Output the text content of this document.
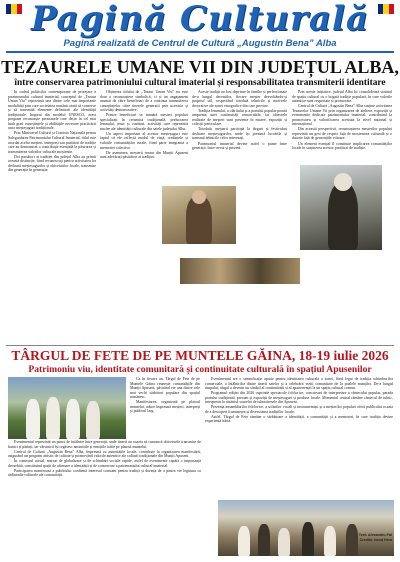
Pagină Culturală
Pagină realizată de Centrul de Cultură „Augustin Bena” Alba
TEZAURELE UMANE VII DIN JUDEȚUL ALBA,
între conservarea patrimoniului cultural imaterial și responsabilitatea transmiterii identitare

În cadrul politicilor contemporane de protejare a patrimoniului cultural imaterial, conceptul de „Tezaur Uman Viu” reprezintă una dintre cele mai importante modalități prin care societatea română caută să conserve și să transmită elemente definitorii ale identității tradiționale. Inspirat din modelul UNESCO, acest program recunoaște persoanele care dețin în cel mai înalt grad cunoștințele și abilitățile necesare practicării unor meșteșuguri tradiționale.

Prin Ministerul Culturii și Comisia Națională pentru Salvgardarea Patrimoniului Cultural Imaterial, titlul este acordat acelor meșteri, interpreți sau purtători de tradiție care au demonstrat o contribuție esențială la păstrarea și transmiterea valorilor culturale moștenite.

Doi purtători ai tradiției din județul Alba au primit această distincție, fiind recunoscuți pentru activitatea lor dedicată meșteșugurilor și obiceiurilor locale, transmise din generație în generație.

Obținerea titlului de „Tezaur Uman Viu” nu este doar o recunoaștere simbolică, ci și un angajament asumat de către beneficiari de a continua transmiterea cunoștințelor către tinerele generații prin ucenicie și activități demonstrative.

Printre beneficiari se numără meșteri populari specializați în ceramică tradițională, prelucrarea lemnului, țesut și cusături, activități care reprezintă nuclee ale identității culturale din satele județului Alba.

Un aspect important al acestor meșteșuguri este faptul că ele reflectă modul de viață, credințele și valorile comunităților rurale, fiind parte integrantă a memoriei colective.

De asemenea, meșterii tezaur din Munții Apuseni sunt adevărați păstrători ai tradiției.

Aceste tradiții au fost deprinse în familie și perfecționate de-a lungul deceniilor, fiecare meșter dezvoltându-și propriul stil, respectând totodată tehnicile și motivele decorative ale zonei etnografice din care provine.

Tradiția lemnului, a olăritului și a portului popular poartă amprenta unei continuități remarcabile, iar obiectele realizate de meșteri sunt prezente în muzee, expoziții și colecții particulare.

Totodată, meșterii participă la târguri și festivaluri dedicate meșteșugurilor, unde își prezintă lucrările și transmit tehnicile celor interesați.

Patrimoniul imaterial devine astfel o punte între generații, între trecut și prezent.

Prin aceste inițiative, județul Alba își consolidează statutul de spațiu cultural cu o bogată tradiție populară, în care valorile autentice sunt respectate și promovate.

Centrul de Cultură „Augustin Bena” Alba susține activitatea Tezaurelor Umane Vii prin organizarea de ateliere, expoziții și evenimente dedicate patrimoniului imaterial, contribuind la promovarea și valorificarea acestuia la nivel național și internațional.

Din această perspectivă, recunoașterea meșterilor populari reprezintă un gest de respect față de moștenirea culturală și o datorie față de generațiile viitoare.

Un element esențial îl constituie implicarea comunităților locale în susținerea acestor purtători de tradiție.

TÂRGUL DE FETE DE PE MUNTELE GĂINA, 18-19 iulie 2026
Patrimoniu viu, identitate comunitară și continuitate culturală în spațiul Apusenilor

Ca în fiecare an, Târgul de Fete de pe Muntele Găina reunește comunitățile din Munții Apuseni, păstrând vie una dintre cele mai vechi sărbători populare din spațiul românesc.

Manifestarea, organizată pe platoul muntelui, aduce împreună meșteri, interpreți și publicul larg.

Evenimentul are o semnificație aparte pentru identitatea culturală a zonei, fiind legat de tradiția schimburilor comerciale, a întâlnirilor dintre tinerii satelor și a celebrării vieții comunitare de la poalele munților. De-a lungul timpului, târgul a devenit un simbol al continuității și al apartenenței la un spațiu cultural comun.

Programul ediției din 2026 cuprinde spectacole folclorice, concursuri de interpretare a cântecului popular, parada portului tradițional, precum și expoziții de meșteșuguri și produse locale. Momentul central rămâne cântecul de tulnic, interpretat la răsăritul soarelui de tulnicăresele din Apuseni.

Prezența ansamblurilor folclorice, a solistilor vocali și instrumentiști și a meșterilor populari oferă publicului ocazia de a descoperi frumusețea și diversitatea tradițiilor locale.

Astfel, Târgul de Fete rămâne o sărbătoare a identității, a comunității și a memoriei, în care tradiția devine experiență trăită.

Evenimentul reprezintă un punct de întâlnire între generații, unde tinerii au ocazia să cunoască obiceiurile transmise de bunici și părinți, iar vârstnicii își regăsesc amintirile și emoțiile trăite pe platoul muntelui.

Centrul de Cultură „Augustin Bena” Alba, împreună cu autoritățile locale, contribuie la organizarea manifestării, asigurând un program artistic de calitate și promovând valorile autentice ale culturii tradiționale din Munții Apuseni.

În contextul actual, marcat de globalizare și de schimbări sociale rapide, astfel de evenimente capătă o importanță deosebită, constituind spații de afirmare a identității și de conservare a patrimoniului cultural imaterial.

Participarea numeroasă a publicului confirmă interesul constant pentru tradiții și dorința de a păstra vie legătura cu rădăcinile culturale ale comunității.

Text: Alexandru Pal
Credits: Ionuț Hera
